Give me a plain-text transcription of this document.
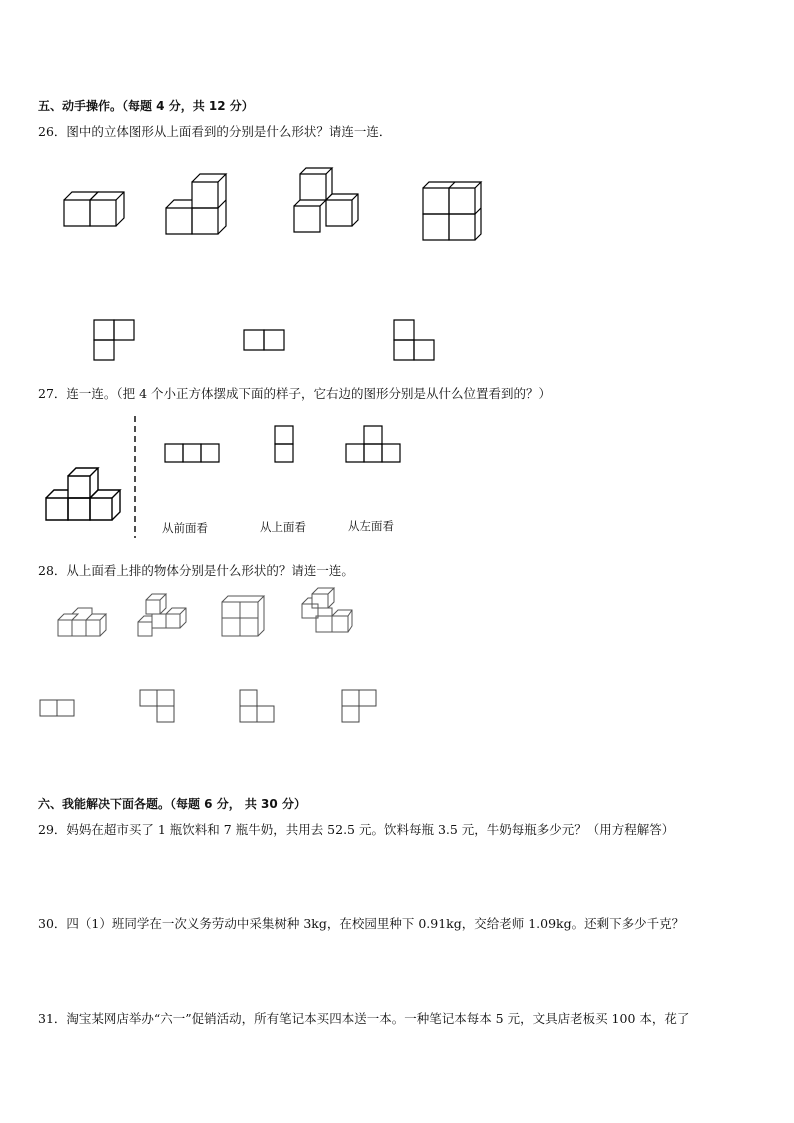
五、动手操作。（每题 4 分，共 12 分）
26．图中的立体图形从上面看到的分别是什么形状？请连一连．
27．连一连。（把 4 个小正方体摆成下面的样子，它右边的图形分别是从什么位置看到的？）
从前面看	从上面看	从左面看
28．从上面看上排的物体分别是什么形状的？请连一连。
六、我能解决下面各题。（每题 6 分， 共 30 分）
29．妈妈在超市买了 1 瓶饮料和 7 瓶牛奶，共用去 52.5 元。饮料每瓶 3.5 元，牛奶每瓶多少元？（用方程解答）
30．四（1）班同学在一次义务劳动中采集树种 3kg，在校园里种下 0.91kg，交给老师 1.09kg。还剩下多少千克？
31．淘宝某网店举办“六一”促销活动，所有笔记本买四本送一本。一种笔记本每本 5 元，文具店老板买 100 本，花了
